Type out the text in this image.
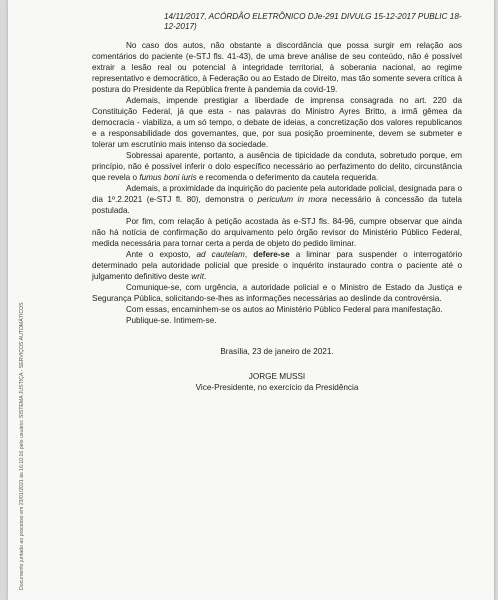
Documento juntado ao processo em 23/01/2021 às 16:10:16 pelo usuário: SISTEMA JUSTIÇA - SERVIÇOS AUTOMÁTICOS
14/11/2017, ACÓRDÃO ELETRÔNICO DJe-291 DIVULG 15-12-2017 PUBLIC 18-12-2017)

No caso dos autos, não obstante a discordância que possa surgir em relação aos comentários do paciente (e-STJ fls. 41-43), de uma breve análise de seu conteúdo, não é possível extrair a lesão real ou potencial à integridade territorial, à soberania nacional, ao regime representativo e democrático, à Federação ou ao Estado de Direito, mas tão somente severa crítica à postura do Presidente da República frente à pandemia da covid-19.

Ademais, impende prestigiar a liberdade de imprensa consagrada no art. 220 da Constituição Federal, já que esta - nas palavras do Ministro Ayres Britto, a irmã gêmea da democracia - viabiliza, a um só tempo, o debate de ideias, a concretização dos valores republicanos e a responsabilidade dos governantes, que, por sua posição proeminente, devem se submeter e tolerar um escrutínio mais intenso da sociedade.

Sobressai aparente, portanto, a ausência de tipicidade da conduta, sobretudo porque, em princípio, não é possível inferir o dolo específico necessário ao perfazimento do delito, circunstância que revela o fumus boni iuris e recomenda o deferimento da cautela requerida.

Ademais, a proximidade da inquirição do paciente pela autoridade policial, designada para o dia 1º.2.2021 (e-STJ fl. 80), demonstra o periculum in mora necessário à concessão da tutela postulada.

Por fim, com relação à petição acostada às e-STJ fls. 84-96, cumpre observar que ainda não há notícia de confirmação do arquivamento pelo órgão revisor do Ministério Público Federal, medida necessária para tornar certa a perda de objeto do pedido liminar.

Ante o exposto, ad cautelam, defere-se a liminar para suspender o interrogatório determinado pela autoridade policial que preside o inquérito instaurado contra o paciente até o julgamento definitivo deste writ.

Comunique-se, com urgência, a autoridade policial e o Ministro de Estado da Justiça e Segurança Pública, solicitando-se-lhes as informações necessárias ao deslinde da controvérsia.

Com essas, encaminhem-se os autos ao Ministério Público Federal para manifestação.

Publique-se. Intimem-se.

Brasília, 23 de janeiro de 2021.

JORGE MUSSI

Vice-Presidente, no exercício da Presidência
